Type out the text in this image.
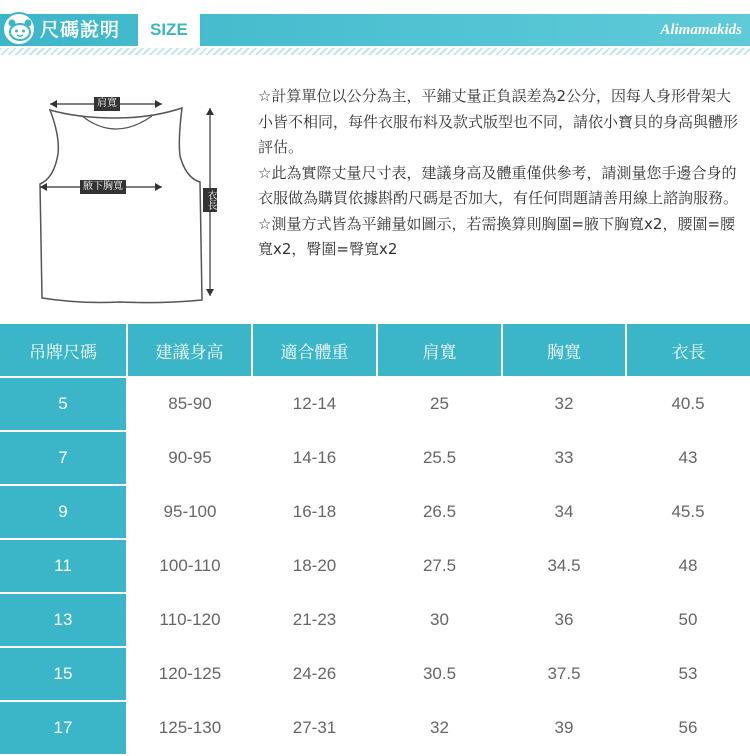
尺碼說明 SIZE	Alimamakids
肩寬
腋下胸寬
衣長

☆計算單位以公分為主，平鋪丈量正負誤差為2公分，因每人身形骨架大小皆不相同，每件衣服布料及款式版型也不同，請依小寶貝的身高與體形評估。

☆此為實際丈量尺寸表，建議身高及體重僅供參考，請測量您手邊合身的衣服做為購買依據斟酌尺碼是否加大，有任何問題請善用線上諮詢服務。

☆測量方式皆為平鋪量如圖示，若需換算則胸圍=腋下胸寬x2，腰圍=腰寬x2，臀圍=臀寬x2

吊牌尺碼	建議身高	適合體重	肩寬	胸寬	衣長
5	85-90	12-14	25	32	40.5
7	90-95	14-16	25.5	33	43
9	95-100	16-18	26.5	34	45.5
11	100-110	18-20	27.5	34.5	48
13	110-120	21-23	30	36	50
15	120-125	24-26	30.5	37.5	53
17	125-130	27-31	32	39	56
